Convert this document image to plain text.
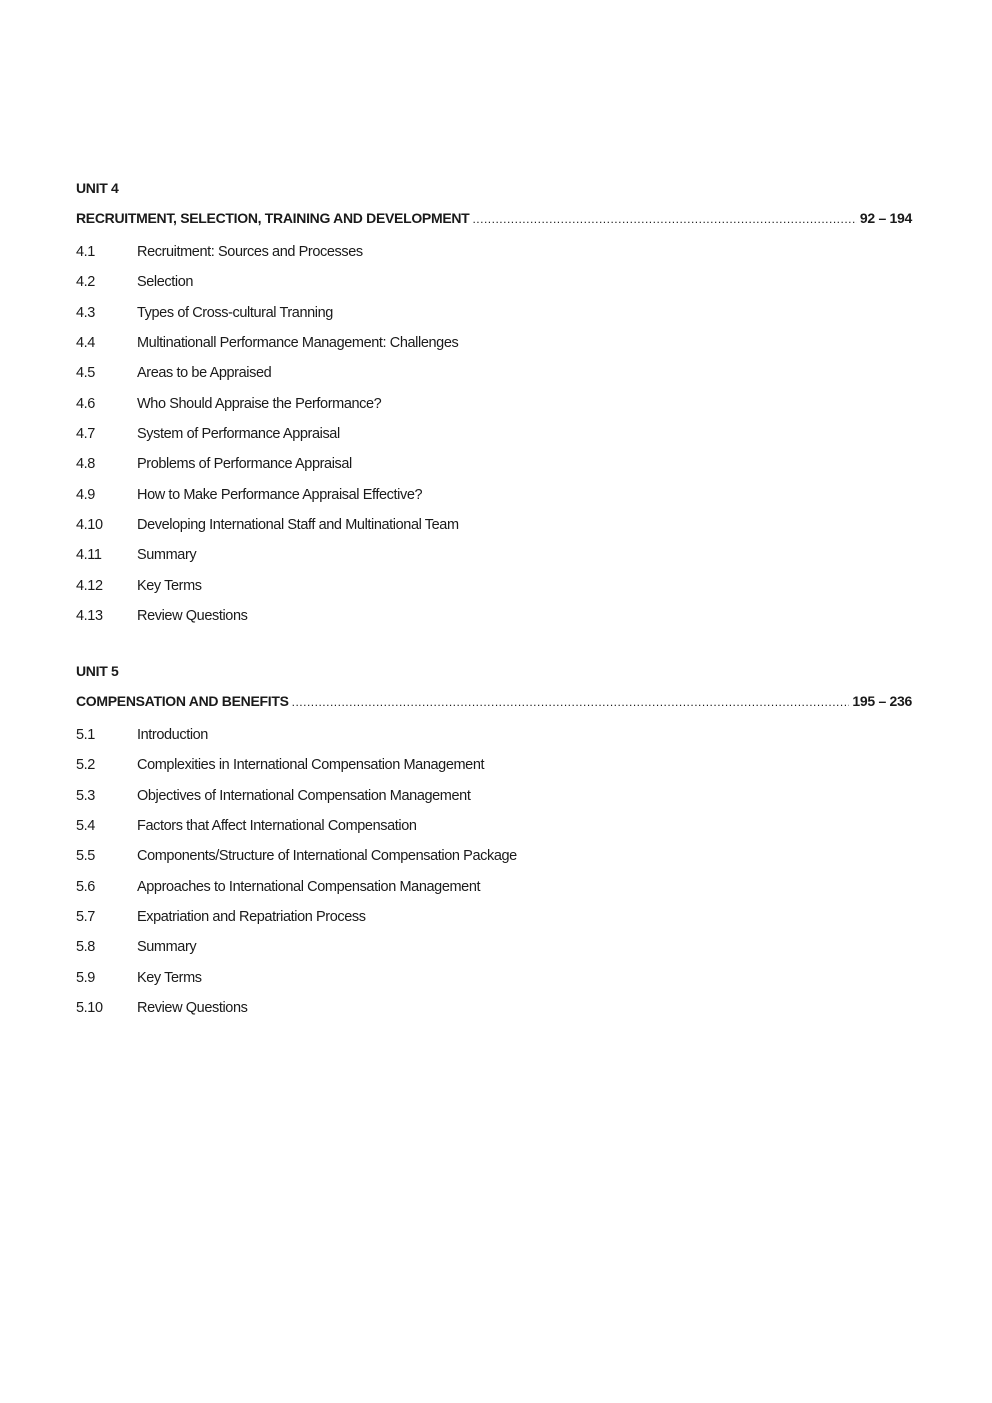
UNIT 4
RECRUITMENT, SELECTION, TRAINING AND DEVELOPMENT .....	92 – 194
4.1	Recruitment: Sources and Processes
4.2	Selection
4.3	Types of Cross-cultural Tranning
4.4	Multinationall Performance Management: Challenges
4.5	Areas to be Appraised
4.6	Who Should Appraise the Performance?
4.7	System of Performance Appraisal
4.8	Problems of Performance Appraisal
4.9	How to Make Performance Appraisal Effective?
4.10	Developing International Staff and Multinational Team
4.11	Summary
4.12	Key Terms
4.13	Review Questions
UNIT 5
COMPENSATION AND BENEFITS .....	195 – 236
5.1	Introduction
5.2	Complexities in International Compensation Management
5.3	Objectives of International Compensation Management
5.4	Factors that Affect International Compensation
5.5	Components/Structure of International Compensation Package
5.6	Approaches to International Compensation Management
5.7	Expatriation and Repatriation Process
5.8	Summary
5.9	Key Terms
5.10	Review Questions
